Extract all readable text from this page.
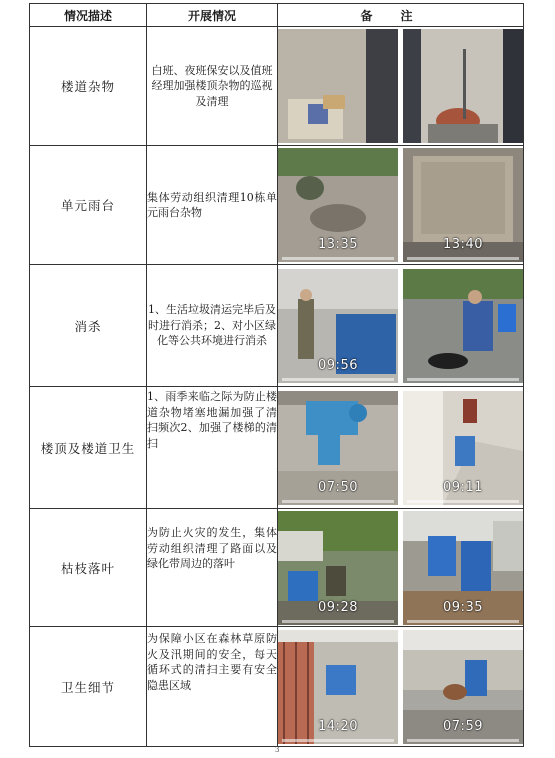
情况描述	开展情况	备注
楼道杂物	白班、夜班保安以及值班经理加强楼顶杂物的巡视及清理	

单元雨台	集体劳动组织清理10栋单元雨台杂物	13:35 13:40

消杀	1、生活垃圾清运完毕后及时进行消杀；2、对小区绿化等公共环境进行消杀	09:56

楼顶及楼道卫生	1、雨季来临之际为防止楼道杂物堵塞地漏加强了清扫频次2、加强了楼梯的清扫	07:50 09:11

枯枝落叶	为防止火灾的发生，集体劳动组织清理了路面以及绿化带周边的落叶	09:28 09:35

卫生细节	为保障小区在森林草原防火及汛期间的安全，每天循环式的清扫主要有安全隐患区域	14:20 07:59
3
